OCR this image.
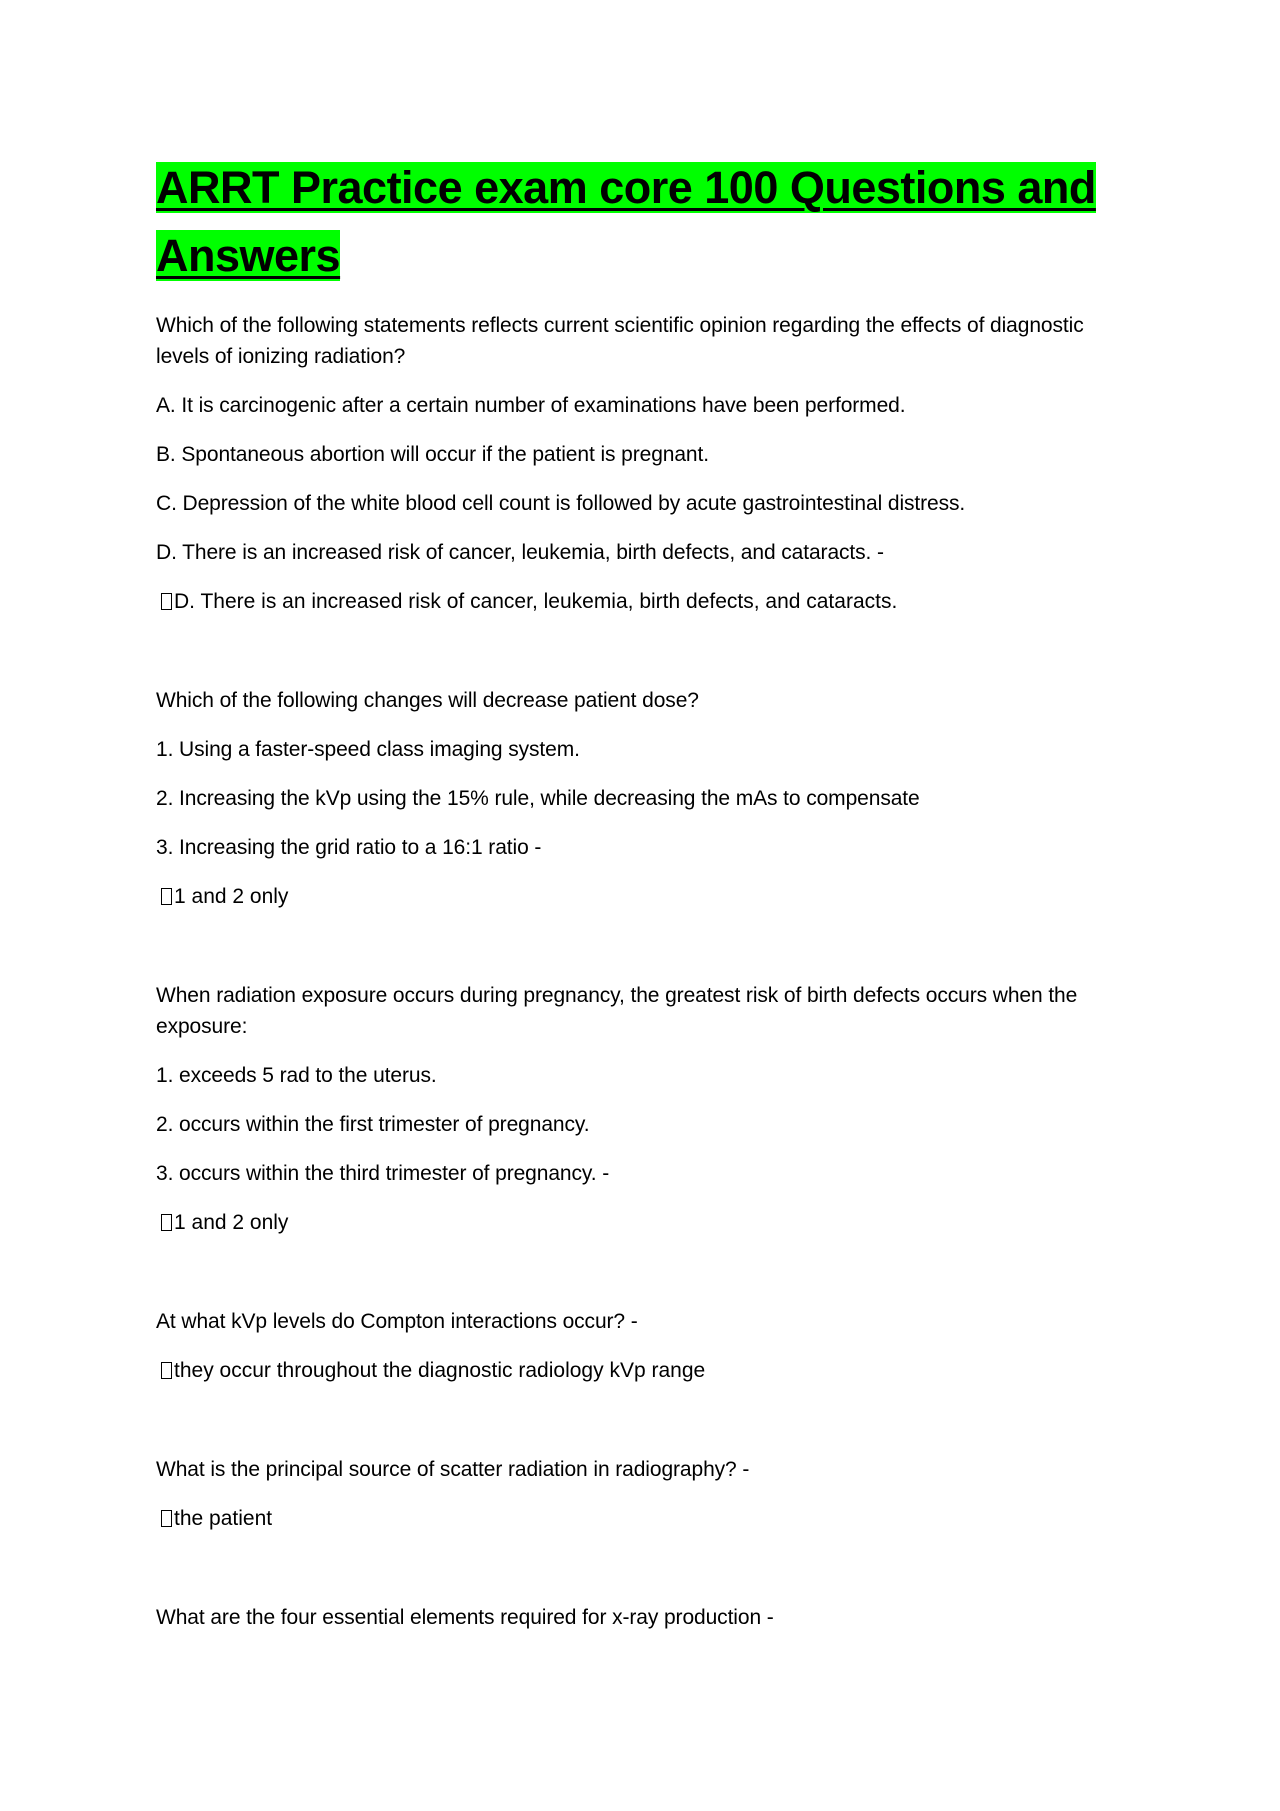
ARRT Practice exam core 100 Questions and Answers

Which of the following statements reflects current scientific opinion regarding the effects of diagnostic levels of ionizing radiation?

A. It is carcinogenic after a certain number of examinations have been performed.

B. Spontaneous abortion will occur if the patient is pregnant.

C. Depression of the white blood cell count is followed by acute gastrointestinal distress.

D. There is an increased risk of cancer, leukemia, birth defects, and cataracts. -

D. There is an increased risk of cancer, leukemia, birth defects, and cataracts.

Which of the following changes will decrease patient dose?

1. Using a faster-speed class imaging system.

2. Increasing the kVp using the 15% rule, while decreasing the mAs to compensate

3. Increasing the grid ratio to a 16:1 ratio -

1 and 2 only

When radiation exposure occurs during pregnancy, the greatest risk of birth defects occurs when the exposure:

1. exceeds 5 rad to the uterus.

2. occurs within the first trimester of pregnancy.

3. occurs within the third trimester of pregnancy. -

1 and 2 only

At what kVp levels do Compton interactions occur? -

they occur throughout the diagnostic radiology kVp range

What is the principal source of scatter radiation in radiography? -

the patient

What are the four essential elements required for x-ray production -
